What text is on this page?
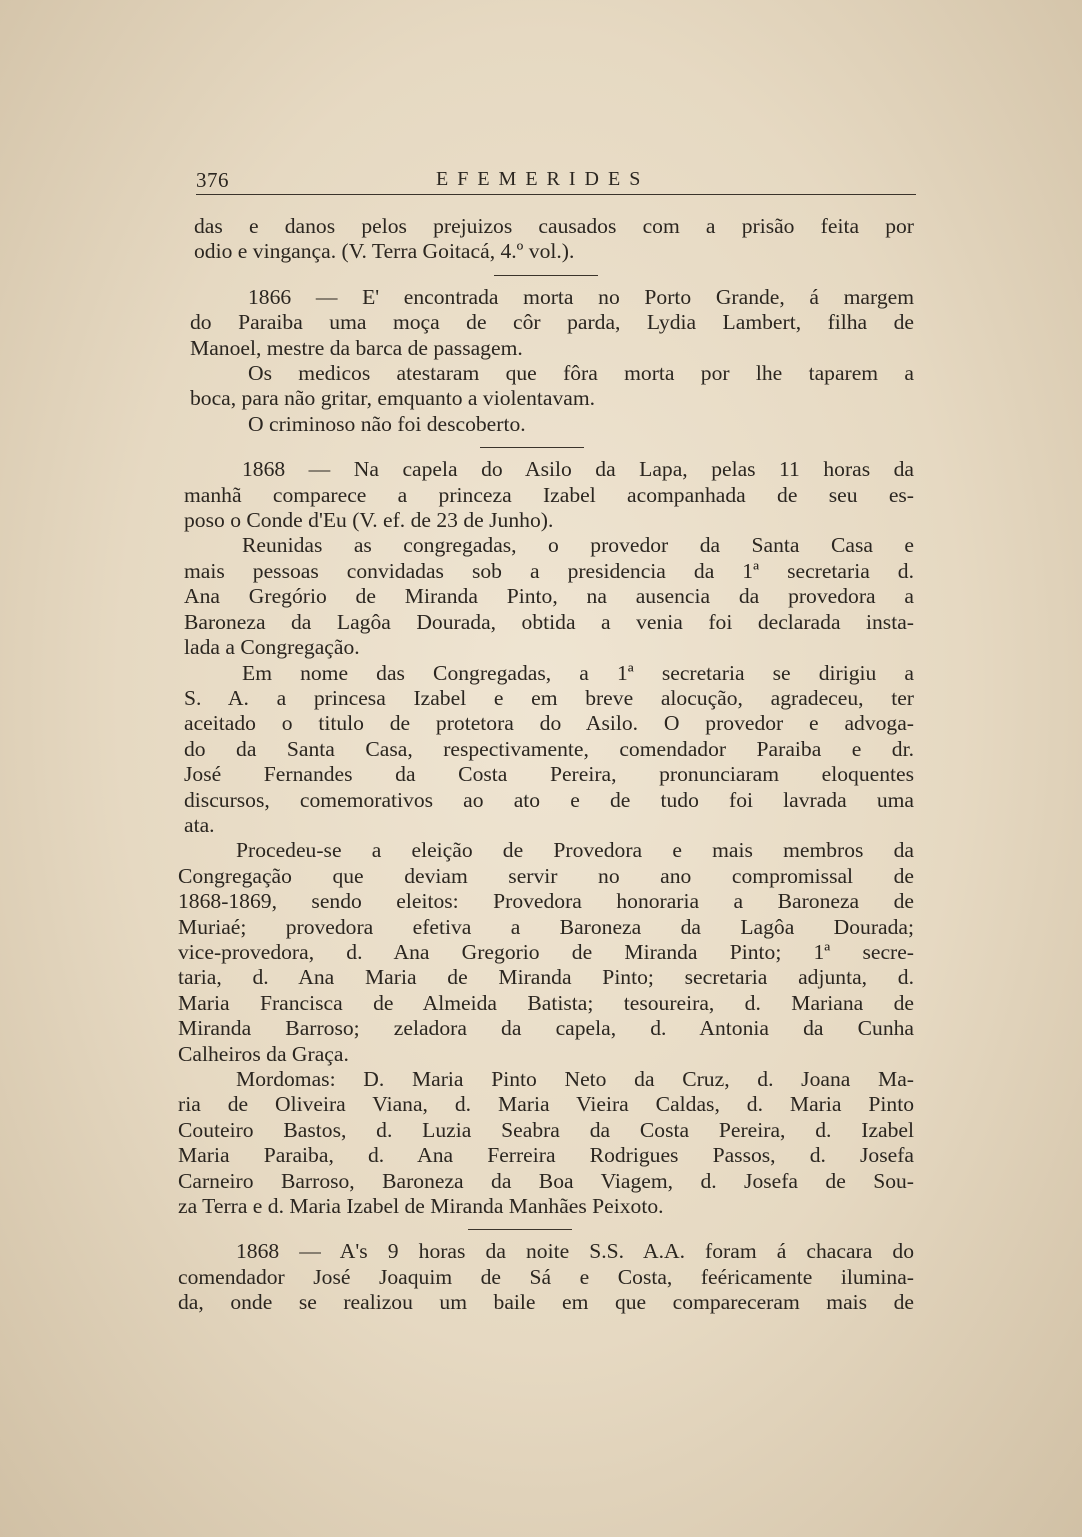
376	EFEMERIDES

das e danos pelos prejuizos causados com a prisão feita por

odio e vingança. (V. Terra Goitacá, 4.º vol.).

1866 — E' encontrada morta no Porto Grande, á margem

do Paraiba uma moça de côr parda, Lydia Lambert, filha de

Manoel, mestre da barca de passagem.

Os medicos atestaram que fôra morta por lhe taparem a

boca, para não gritar, emquanto a violentavam.

O criminoso não foi descoberto.

1868 — Na capela do Asilo da Lapa, pelas 11 horas da

manhã comparece a princeza Izabel acompanhada de seu es-

poso o Conde d'Eu (V. ef. de 23 de Junho).

Reunidas as congregadas, o provedor da Santa Casa e

mais pessoas convidadas sob a presidencia da 1ª secretaria d.

Ana Gregório de Miranda Pinto, na ausencia da provedora a

Baroneza da Lagôa Dourada, obtida a venia foi declarada insta-

lada a Congregação.

Em nome das Congregadas, a 1ª secretaria se dirigiu a

S. A. a princesa Izabel e em breve alocução, agradeceu, ter

aceitado o titulo de protetora do Asilo. O provedor e advoga-

do da Santa Casa, respectivamente, comendador Paraiba e dr.

José Fernandes da Costa Pereira, pronunciaram eloquentes

discursos, comemorativos ao ato e de tudo foi lavrada uma

ata.

Procedeu-se a eleição de Provedora e mais membros da

Congregação que deviam servir no ano compromissal de

1868-1869, sendo eleitos: Provedora honoraria a Baroneza de

Muriaé; provedora efetiva a Baroneza da Lagôa Dourada;

vice-provedora, d. Ana Gregorio de Miranda Pinto; 1ª secre-

taria, d. Ana Maria de Miranda Pinto; secretaria adjunta, d.

Maria Francisca de Almeida Batista; tesoureira, d. Mariana de

Miranda Barroso; zeladora da capela, d. Antonia da Cunha

Calheiros da Graça.

Mordomas: D. Maria Pinto Neto da Cruz, d. Joana Ma-

ria de Oliveira Viana, d. Maria Vieira Caldas, d. Maria Pinto

Couteiro Bastos, d. Luzia Seabra da Costa Pereira, d. Izabel

Maria Paraiba, d. Ana Ferreira Rodrigues Passos, d. Josefa

Carneiro Barroso, Baroneza da Boa Viagem, d. Josefa de Sou-

za Terra e d. Maria Izabel de Miranda Manhães Peixoto.

1868 — A's 9 horas da noite S.S. A.A. foram á chacara do

comendador José Joaquim de Sá e Costa, feéricamente ilumina-

da, onde se realizou um baile em que compareceram mais de
